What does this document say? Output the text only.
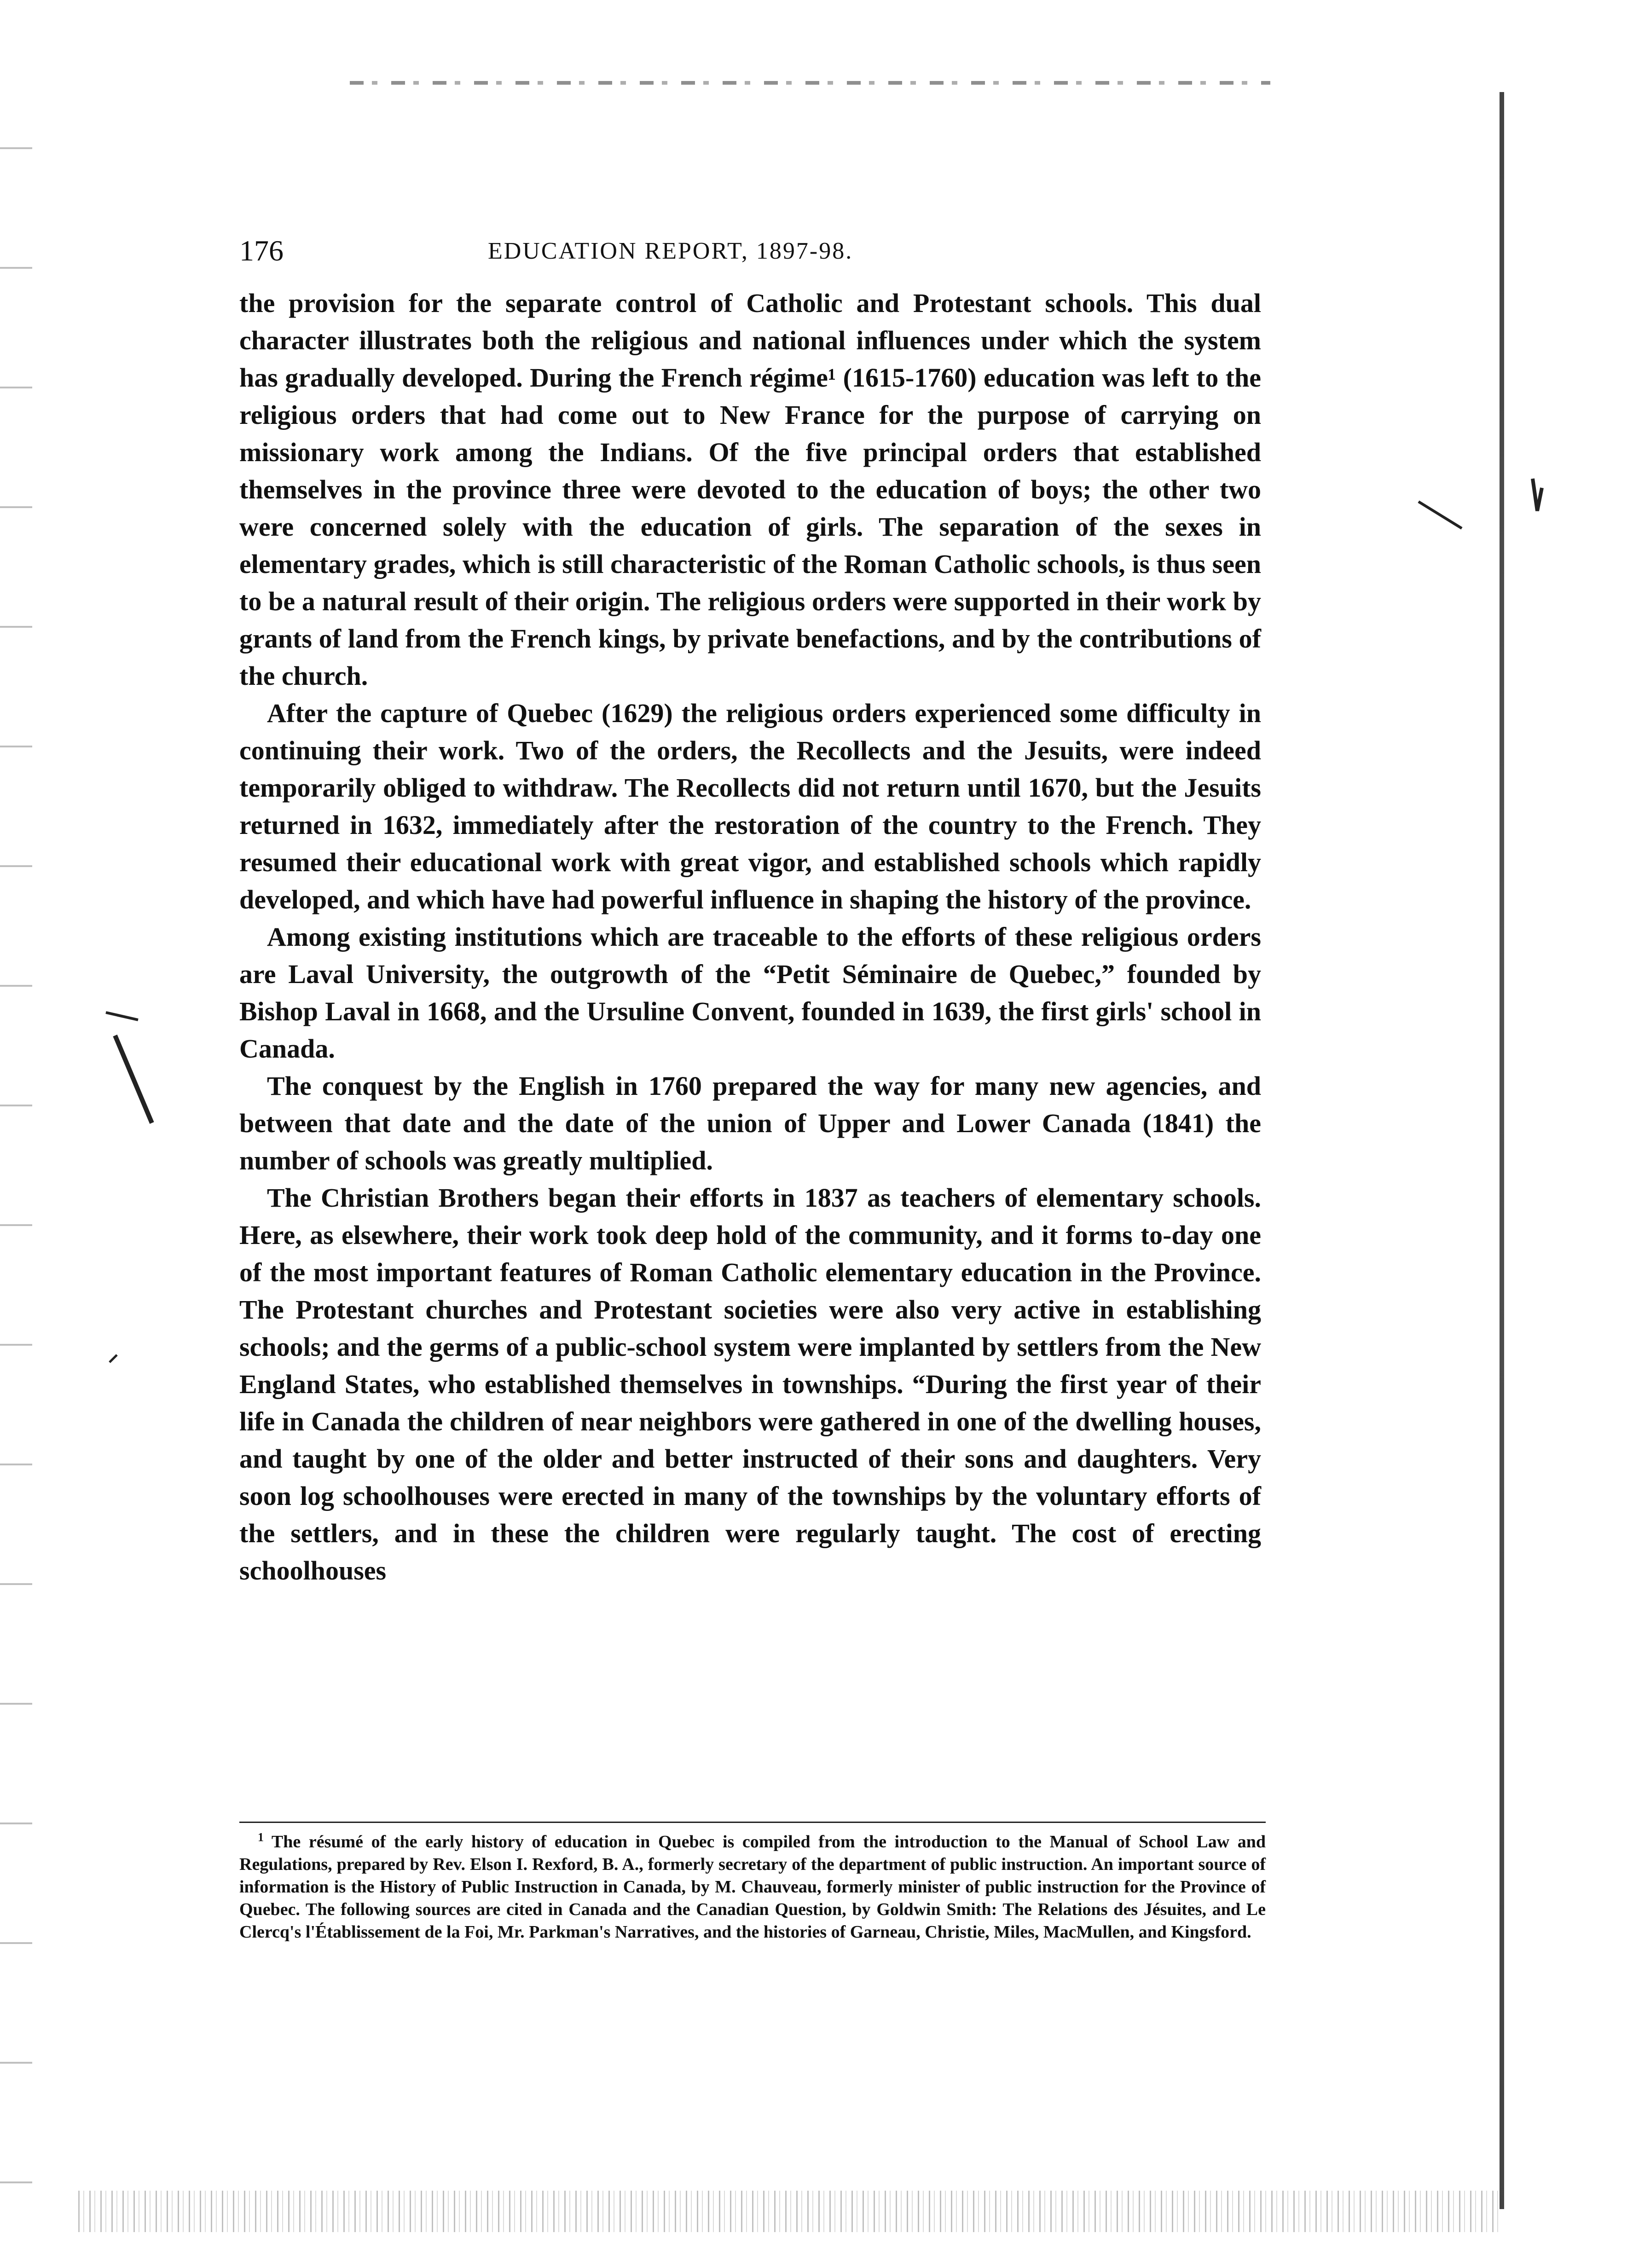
176	EDUCATION REPORT, 1897-98.

the provision for the separate control of Catholic and Protestant schools. This dual character illustrates both the religious and national influences under which the system has gradually developed. During the French régime¹ (1615-1760) education was left to the religious orders that had come out to New France for the purpose of carrying on missionary work among the Indians. Of the five principal orders that established themselves in the province three were devoted to the education of boys; the other two were concerned solely with the education of girls. The separation of the sexes in elementary grades, which is still characteristic of the Roman Catholic schools, is thus seen to be a natural result of their origin. The religious orders were supported in their work by grants of land from the French kings, by private benefactions, and by the contributions of the church.

After the capture of Quebec (1629) the religious orders experienced some difficulty in continuing their work. Two of the orders, the Recollects and the Jesuits, were indeed temporarily obliged to withdraw. The Recollects did not return until 1670, but the Jesuits returned in 1632, immediately after the restoration of the country to the French. They resumed their educational work with great vigor, and established schools which rapidly developed, and which have had powerful influence in shaping the history of the province.

Among existing institutions which are traceable to the efforts of these religious orders are Laval University, the outgrowth of the “Petit Séminaire de Quebec,” founded by Bishop Laval in 1668, and the Ursuline Convent, founded in 1639, the first girls' school in Canada.

The conquest by the English in 1760 prepared the way for many new agencies, and between that date and the date of the union of Upper and Lower Canada (1841) the number of schools was greatly multiplied.

The Christian Brothers began their efforts in 1837 as teachers of elementary schools. Here, as elsewhere, their work took deep hold of the community, and it forms to-day one of the most important features of Roman Catholic elementary education in the Province. The Protestant churches and Protestant societies were also very active in establishing schools; and the germs of a public-school system were implanted by settlers from the New England States, who established themselves in townships. “During the first year of their life in Canada the children of near neighbors were gathered in one of the dwelling houses, and taught by one of the older and better instructed of their sons and daughters. Very soon log schoolhouses were erected in many of the townships by the voluntary efforts of the settlers, and in these the children were regularly taught. The cost of erecting schoolhouses

$^1$ The résumé of the early history of education in Quebec is compiled from the introduction to the Manual of School Law and Regulations, prepared by Rev. Elson I. Rexford, B. A., formerly secretary of the department of public instruction. An important source of information is the History of Public Instruction in Canada, by M. Chauveau, formerly minister of public instruction for the Province of Quebec. The following sources are cited in Canada and the Canadian Question, by Goldwin Smith: The Relations des Jésuites, and Le Clercq's l'Établissement de la Foi, Mr. Parkman's Narratives, and the histories of Garneau, Christie, Miles, MacMullen, and Kingsford.
